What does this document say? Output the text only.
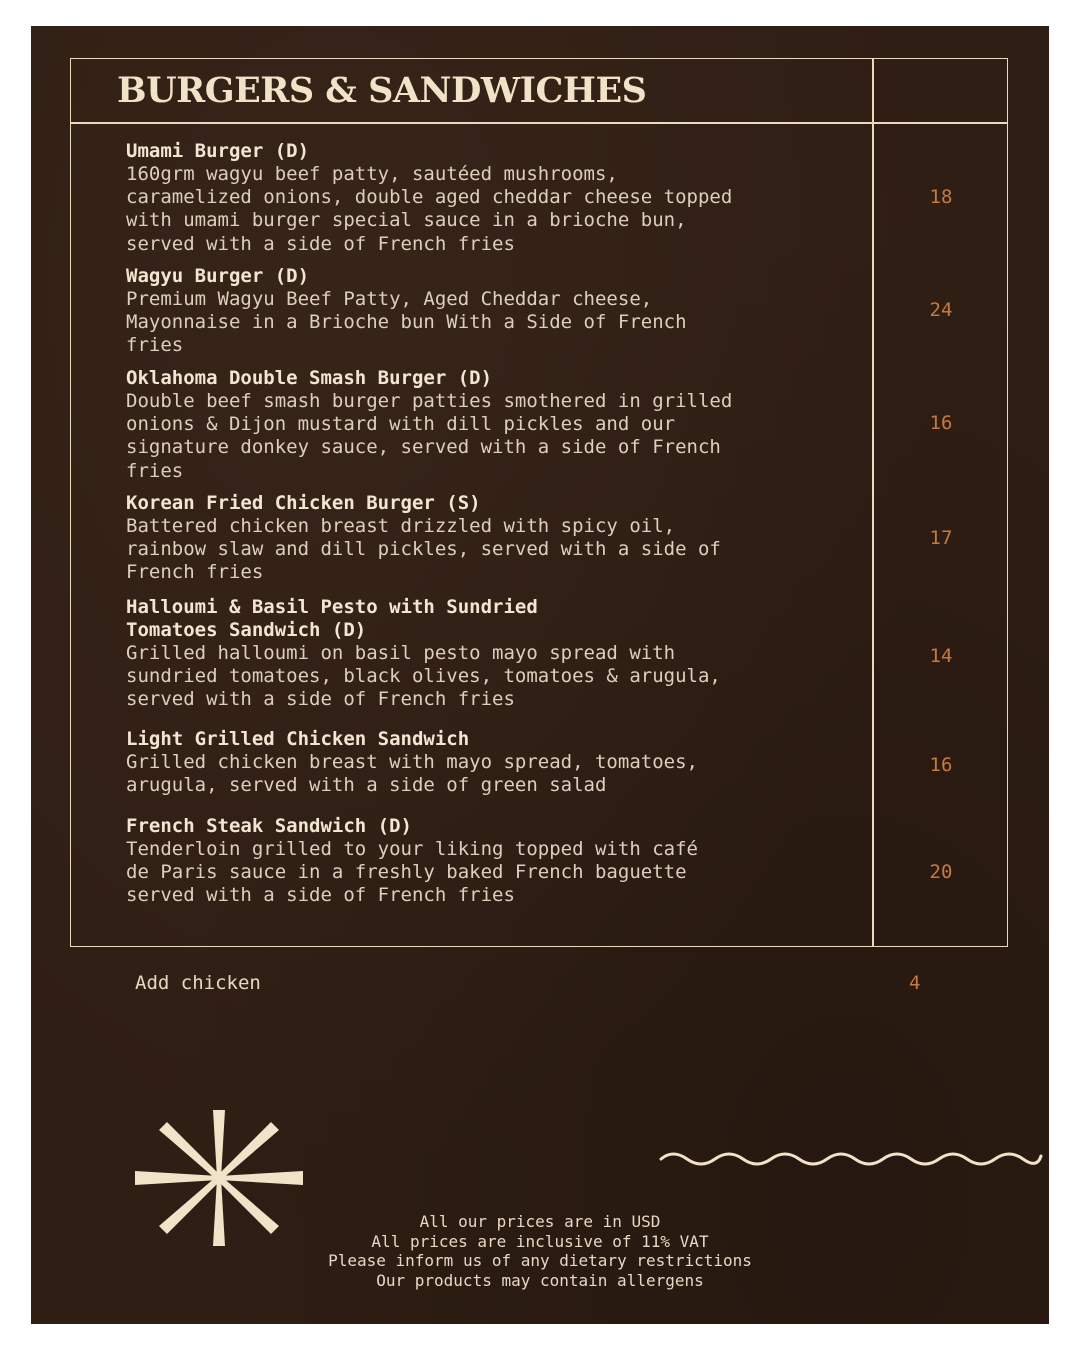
BURGERS & SANDWICHES
Umami Burger (D)
160grm wagyu beef patty, sautéed mushrooms,
caramelized onions, double aged cheddar cheese topped
with umami burger special sauce in a brioche bun,
served with a side of French fries
18
Wagyu Burger (D)
Premium Wagyu Beef Patty, Aged Cheddar cheese,
Mayonnaise in a Brioche bun With a Side of French
fries
24
Oklahoma Double Smash Burger (D)
Double beef smash burger patties smothered in grilled
onions & Dijon mustard with dill pickles and our
signature donkey sauce, served with a side of French
fries
16
Korean Fried Chicken Burger (S)
Battered chicken breast drizzled with spicy oil,
rainbow slaw and dill pickles, served with a side of
French fries
17
Halloumi & Basil Pesto with Sundried
Tomatoes Sandwich (D)
Grilled halloumi on basil pesto mayo spread with
sundried tomatoes, black olives, tomatoes & arugula,
served with a side of French fries
14
Light Grilled Chicken Sandwich
Grilled chicken breast with mayo spread, tomatoes,
arugula, served with a side of green salad
16
French Steak Sandwich (D)
Tenderloin grilled to your liking topped with café
de Paris sauce in a freshly baked French baguette
served with a side of French fries
20
Add chicken	4
All our prices are in USD
All prices are inclusive of 11% VAT
Please inform us of any dietary restrictions
Our products may contain allergens
